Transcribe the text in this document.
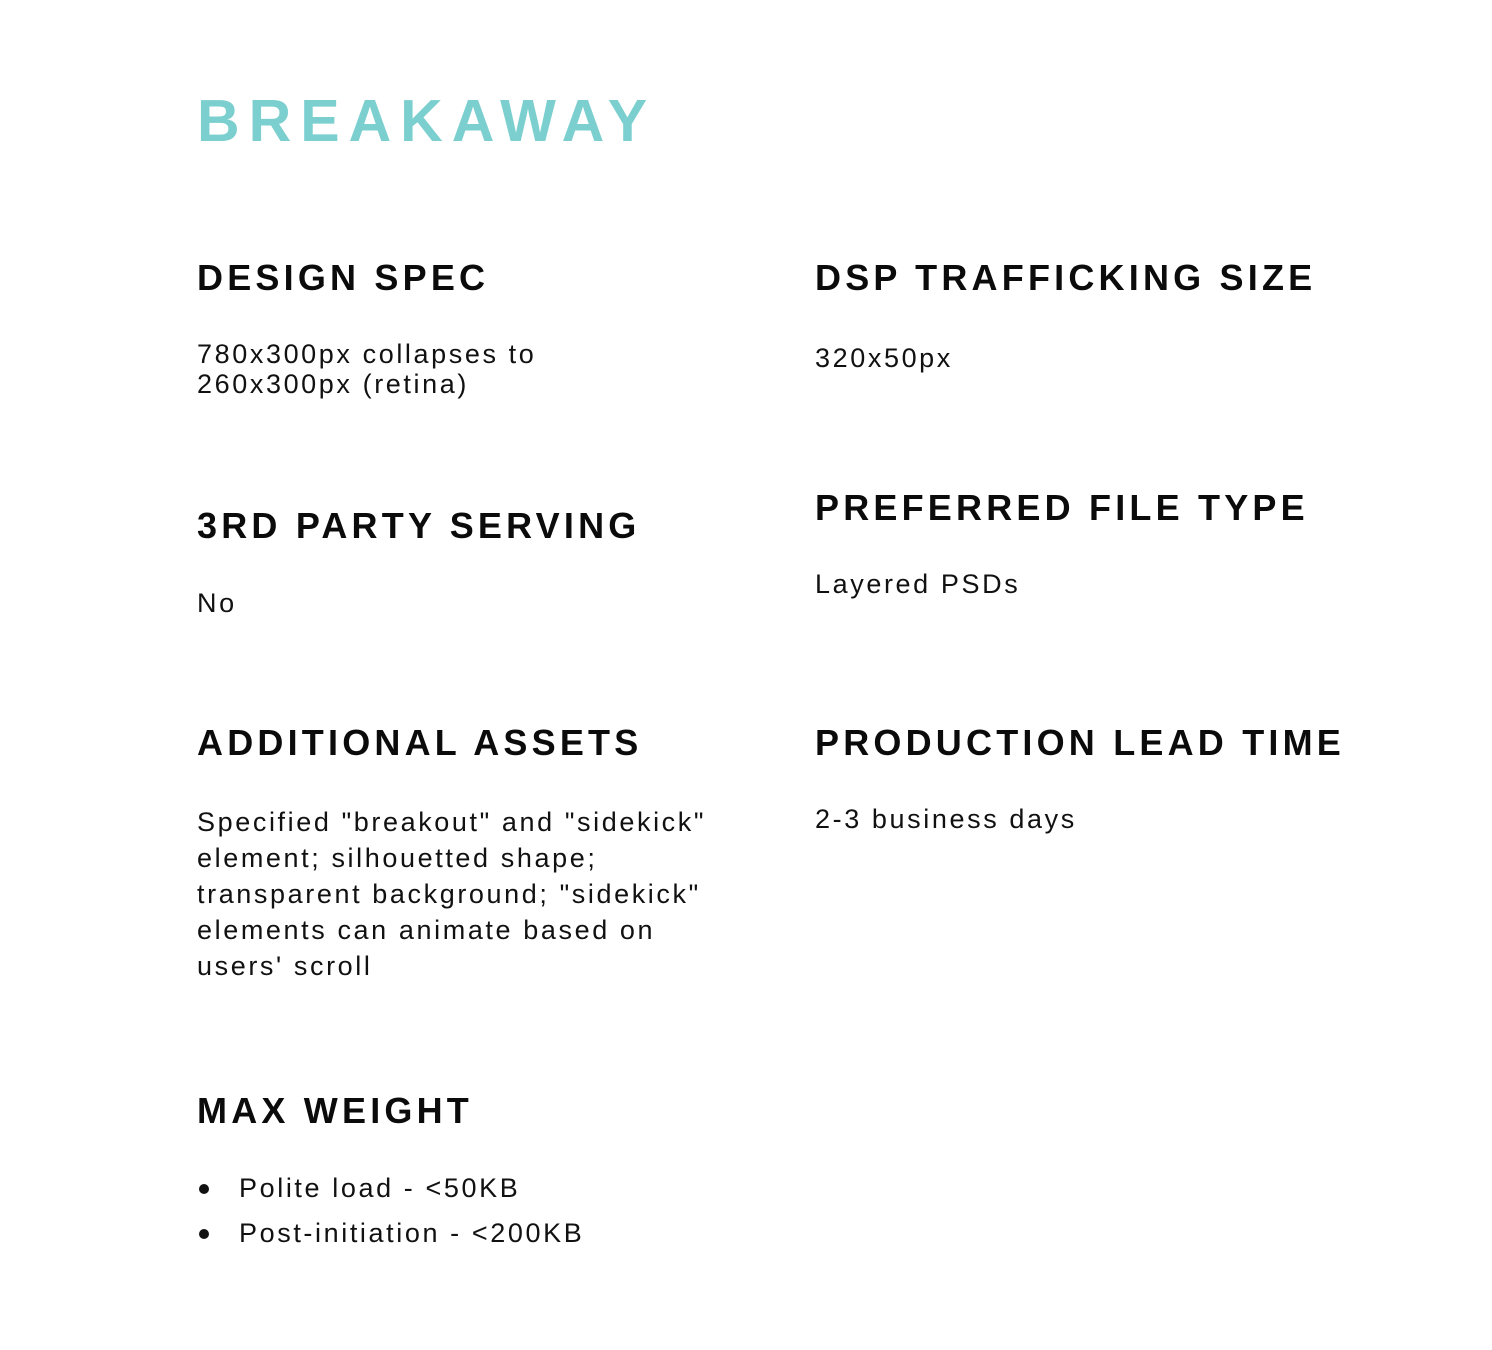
BREAKAWAY
DESIGN SPEC

780x300px collapses to

260x300px (retina)

DSP TRAFFICKING SIZE

320x50px

3RD PARTY SERVING

No

PREFERRED FILE TYPE

Layered PSDs

ADDITIONAL ASSETS

Specified "breakout" and "sidekick" element; silhouetted shape; transparent background; "sidekick" elements can animate based on users' scroll

PRODUCTION LEAD TIME

2-3 business days

MAX WEIGHT
Polite load - <50KB
Post-initiation - <200KB
